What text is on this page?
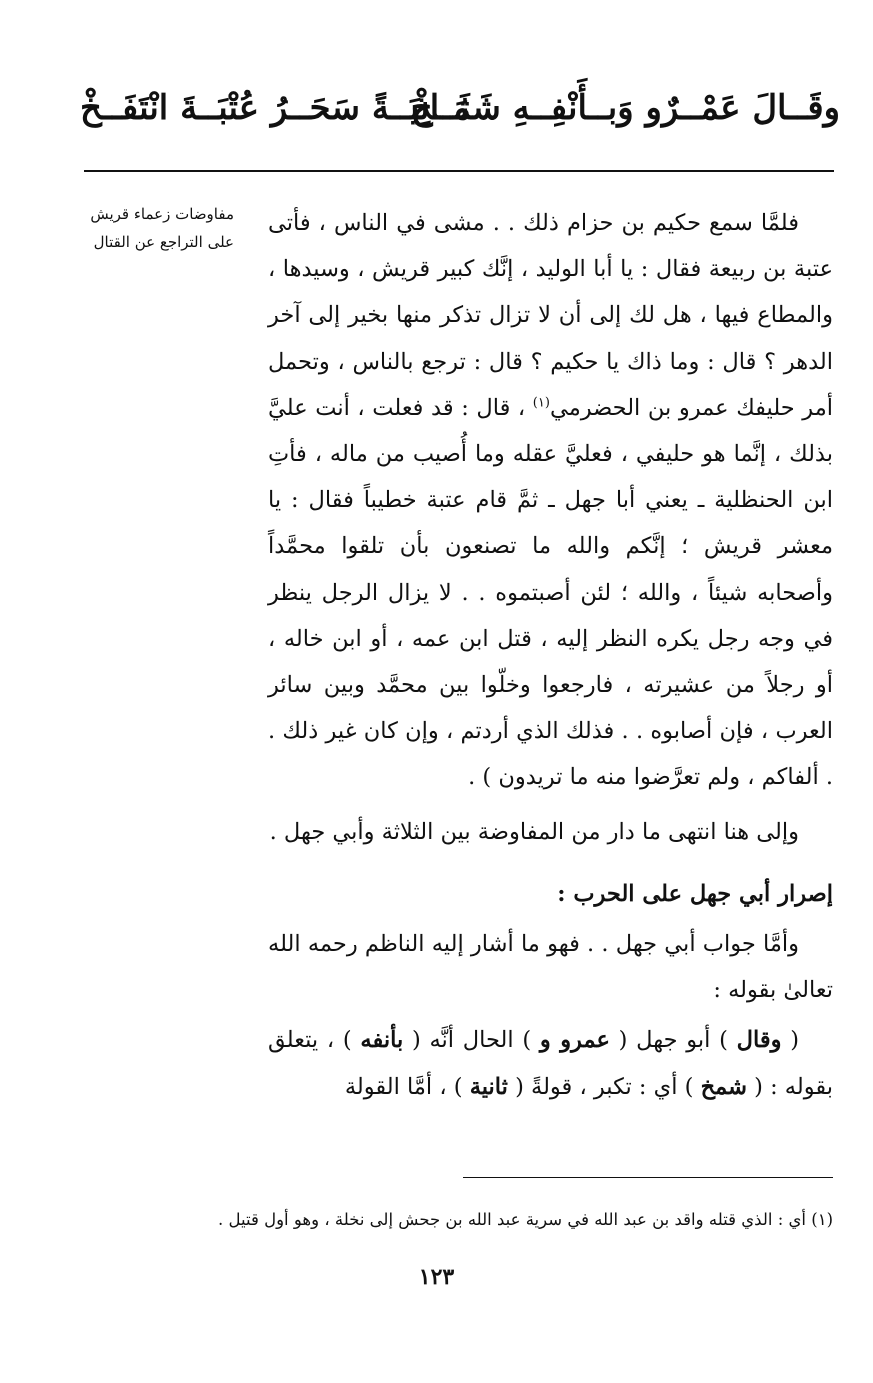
وقَــالَ عَمْــرٌو وَبــأَنْفِــهِ شَمَــخْ
ثَــانِيَــةً سَحَــرُ عُتْبَــةَ انْتَفَــخْ
مفاوضات زعماء قريش
على التراجع عن القتال

فلمَّا سمع حكيم بن حزام ذلك . . مشى في الناس ، فأتى عتبة بن ربيعة فقال : يا أبا الوليد ، إنَّك كبير قريش ، وسيدها ، والمطاع فيها ، هل لك إلى أن لا تزال تذكر منها بخير إلى آخر الدهر ؟ قال : وما ذاك يا حكيم ؟ قال : ترجع بالناس ، وتحمل أمر حليفك عمرو بن الحضرمي$^{(١)}$ ، قال : قد فعلت ، أنت عليَّ بذلك ، إنَّما هو حليفي ، فعليَّ عقله وما أُصيب من ماله ، فأتِ ابن الحنظلية ـ يعني أبا جهل ـ ثمَّ قام عتبة خطيباً فقال : يا معشر قريش ؛ إنَّكم والله ما تصنعون بأن تلقوا محمَّداً وأصحابه شيئاً ، والله ؛ لئن أصبتموه . . لا يزال الرجل ينظر في وجه رجل يكره النظر إليه ، قتل ابن عمه ، أو ابن خاله ، أو رجلاً من عشيرته ، فارجعوا وخلّوا بين محمَّد وبين سائر العرب ، فإن أصابوه . . فذلك الذي أردتم ، وإن كان غير ذلك . . ألفاكم ، ولم تعرَّضوا منه ما تريدون ) .

وإلى هنا انتهى ما دار من المفاوضة بين الثلاثة وأبي جهل .

إصرار أبي جهل على الحرب :

وأمَّا جواب أبي جهل . . فهو ما أشار إليه الناظم رحمه الله تعالىٰ بقوله :

( وقال ) أبو جهل ( عمرو و ) الحال أنَّه ( بأنفه ) ، يتعلق بقوله : ( شمخ ) أي : تكبر ، قولةً ( ثانية ) ، أمَّا القولة

(١) أي : الذي قتله واقد بن عبد الله في سرية عبد الله بن جحش إلى نخلة ، وهو أول قتيل .
١٢٣
